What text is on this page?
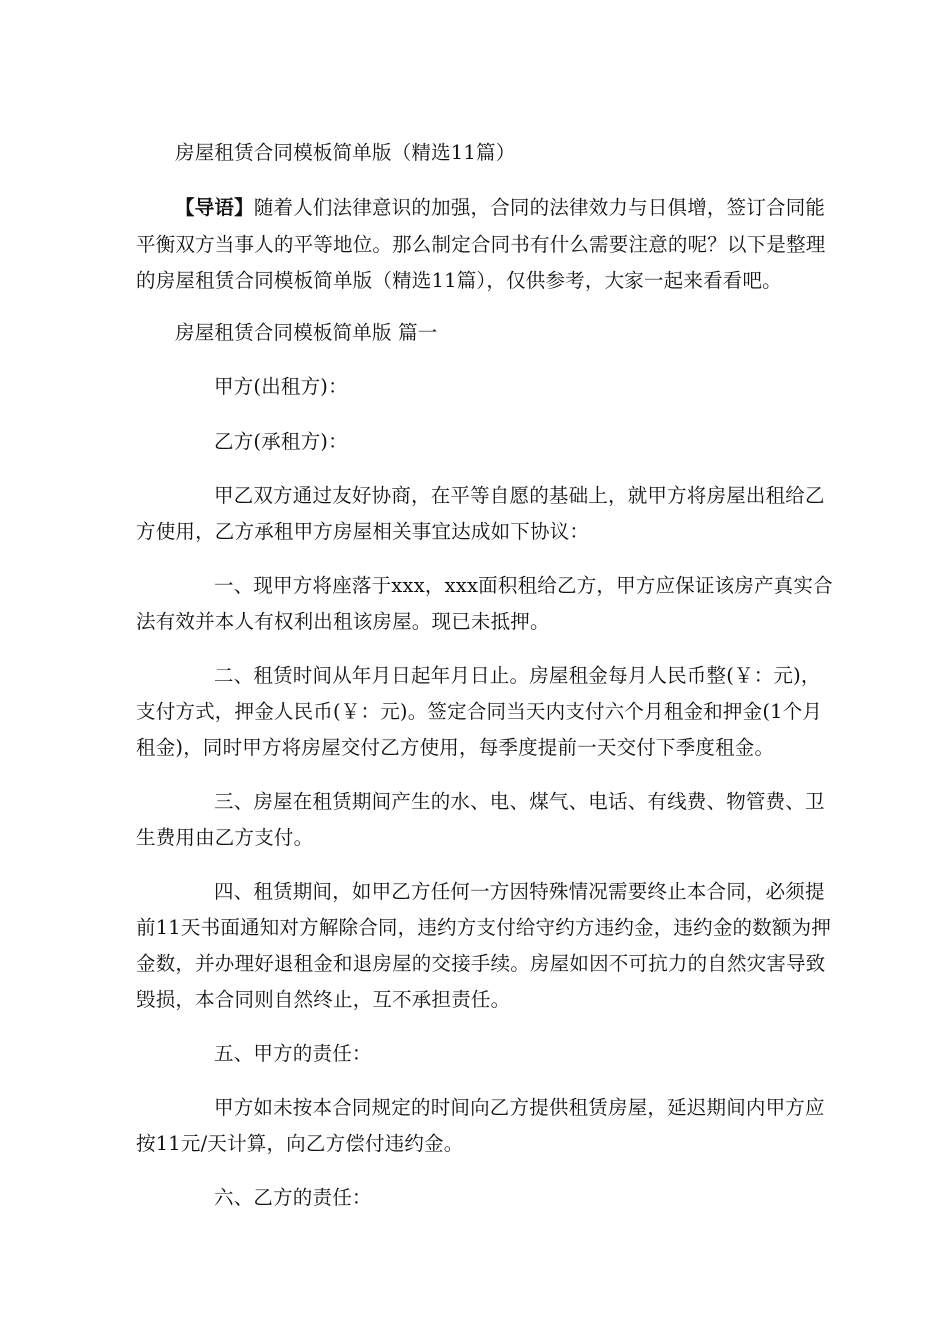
房屋租赁合同模板简单版（精选11篇）
【导语】随着人们法律意识的加强，合同的法律效力与日俱增，签订合同能
平衡双方当事人的平等地位。那么制定合同书有什么需要注意的呢？以下是整理
的房屋租赁合同模板简单版（精选11篇），仅供参考，大家一起来看看吧。
房屋租赁合同模板简单版 篇一
甲方(出租方)：
乙方(承租方)：
甲乙双方通过友好协商，在平等自愿的基础上，就甲方将房屋出租给乙
方使用，乙方承租甲方房屋相关事宜达成如下协议：
一、现甲方将座落于xxx，xxx面积租给乙方，甲方应保证该房产真实合
法有效并本人有权利出租该房屋。现已未抵押。
二、租赁时间从年月日起年月日止。房屋租金每月人民币整(￥：元)，
支付方式，押金人民币(￥：元)。签定合同当天内支付六个月租金和押金(1个月
租金)，同时甲方将房屋交付乙方使用，每季度提前一天交付下季度租金。
三、房屋在租赁期间产生的水、电、煤气、电话、有线费、物管费、卫
生费用由乙方支付。
四、租赁期间，如甲乙方任何一方因特殊情况需要终止本合同，必须提
前11天书面通知对方解除合同，违约方支付给守约方违约金，违约金的数额为押
金数，并办理好退租金和退房屋的交接手续。房屋如因不可抗力的自然灾害导致
毁损，本合同则自然终止，互不承担责任。
五、甲方的责任：
甲方如未按本合同规定的时间向乙方提供租赁房屋，延迟期间内甲方应
按11元/天计算，向乙方偿付违约金。
六、乙方的责任：
